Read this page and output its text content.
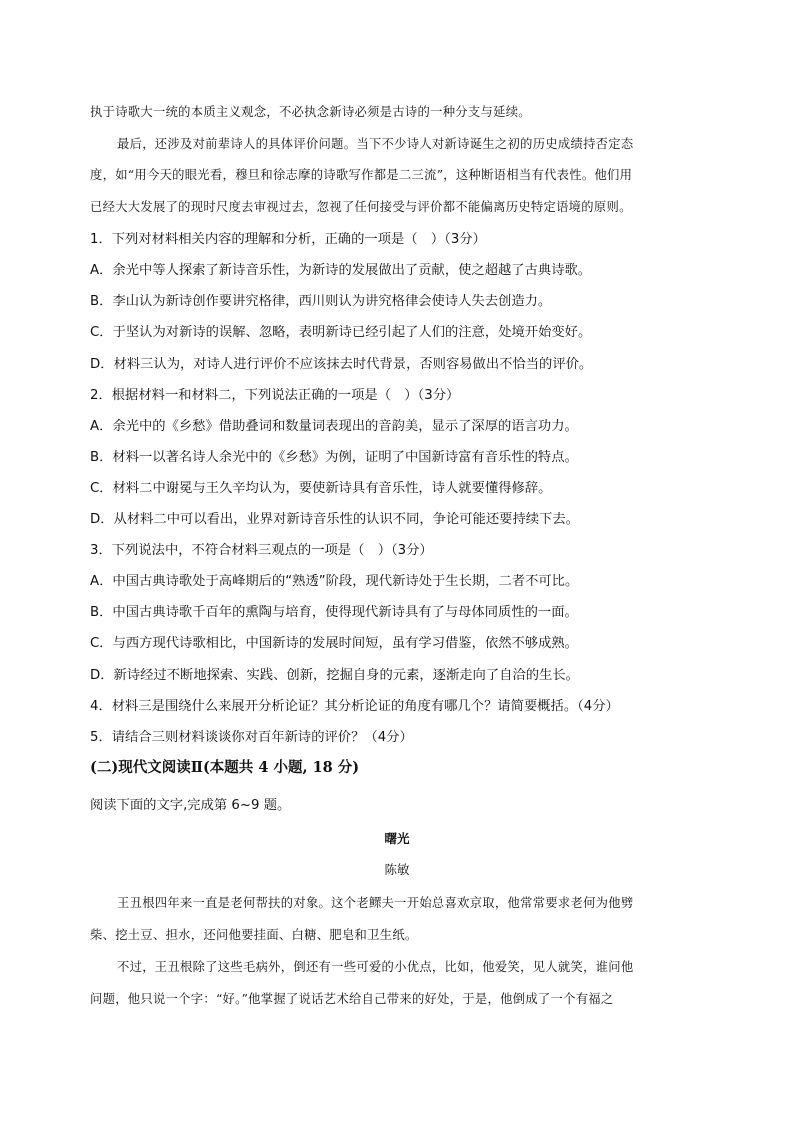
执于诗歌大一统的本质主义观念，不必执念新诗必须是古诗的一种分支与延续。
最后，还涉及对前辈诗人的具体评价问题。当下不少诗人对新诗诞生之初的历史成绩持否定态
度，如“用今天的眼光看，穆旦和徐志摩的诗歌写作都是二三流”，这种断语相当有代表性。他们用
已经大大发展了的现时尺度去审视过去，忽视了任何接受与评价都不能偏离历史特定语境的原则。
1．下列对材料相关内容的理解和分析，正确的一项是（　）（3分）
A．余光中等人探索了新诗音乐性，为新诗的发展做出了贡献，使之超越了古典诗歌。
B．李山认为新诗创作要讲究格律，西川则认为讲究格律会使诗人失去创造力。
C．于坚认为对新诗的误解、忽略，表明新诗已经引起了人们的注意，处境开始变好。
D．材料三认为，对诗人进行评价不应该抹去时代背景，否则容易做出不恰当的评价。
2．根据材料一和材料二，下列说法正确的一项是（　）（3分）
A．余光中的《乡愁》借助叠词和数量词表现出的音韵美，显示了深厚的语言功力。
B．材料一以著名诗人余光中的《乡愁》为例，证明了中国新诗富有音乐性的特点。
C．材料二中谢冕与王久辛均认为，要使新诗具有音乐性，诗人就要懂得修辞。
D．从材料二中可以看出，业界对新诗音乐性的认识不同，争论可能还要持续下去。
3．下列说法中，不符合材料三观点的一项是（　）（3分）
A．中国古典诗歌处于高峰期后的“熟透”阶段，现代新诗处于生长期，二者不可比。
B．中国古典诗歌千百年的熏陶与培育，使得现代新诗具有了与母体同质性的一面。
C．与西方现代诗歌相比，中国新诗的发展时间短，虽有学习借鉴，依然不够成熟。
D．新诗经过不断地探索、实践、创新，挖掘自身的元素，逐渐走向了自洽的生长。
4．材料三是围绕什么来展开分析论证？其分析论证的角度有哪几个？请简要概括。（4分）
5．请结合三则材料谈谈你对百年新诗的评价？（4分）
(二)现代文阅读Ⅱ(本题共 4 小题, 18 分)
阅读下面的文字,完成第 6~9 题。
曙光
陈敏
王丑根四年来一直是老何帮扶的对象。这个老鳏夫一开始总喜欢京取，他常常要求老何为他劈
柴、挖土豆、担水，还问他要挂面、白糖、肥皂和卫生纸。
不过，王丑根除了这些毛病外，倒还有一些可爱的小优点，比如，他爱笑，见人就笑，谁问他
问题，他只说一个字：“好。”他掌握了说话艺术给自己带来的好处，于是，他倒成了一个有福之
